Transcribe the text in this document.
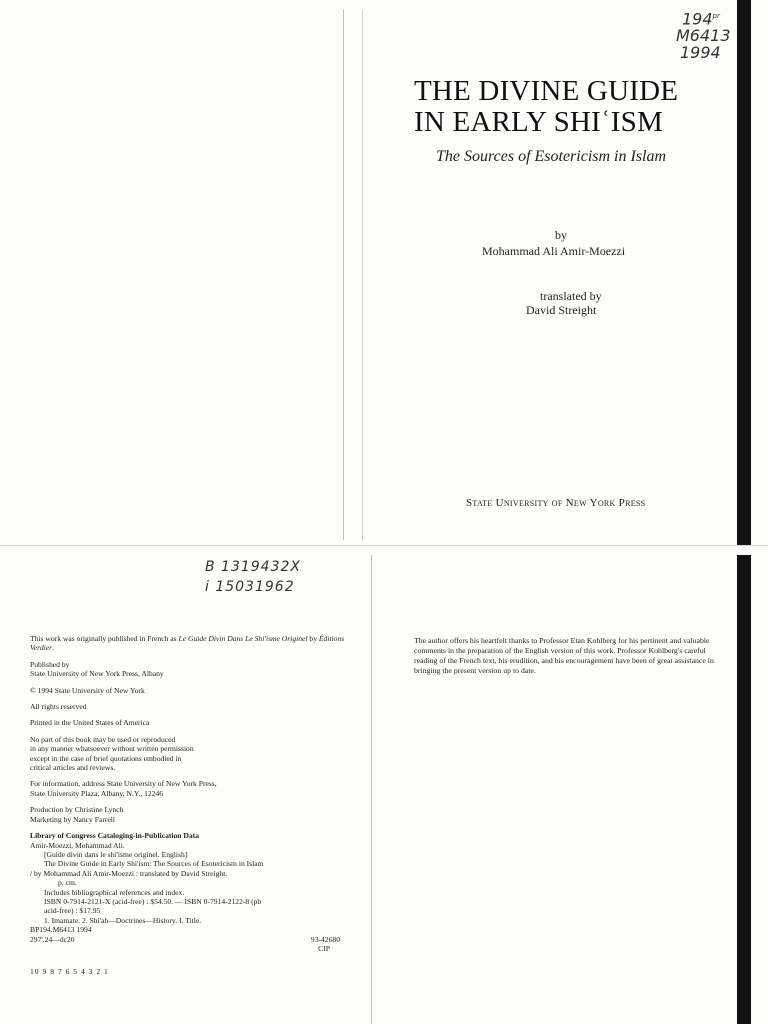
$194^{pr}$
M6413
1994
THE DIVINE GUIDE
IN EARLY SHIʿISM
The Sources of Esotericism in Islam
by
Mohammad Ali Amir-Moezzi
translated by
David Streight
State University of New York Press
B 1319432X
i 15031962

This work was originally published in French as Le Guide Divin Dans Le Shi'isme Originel by Éditions Verdier.

Published by
State University of New York Press, Albany

© 1994 State University of New York

All rights reserved

Printed in the United States of America

No part of this book may be used or reproduced
in any manner whatsoever without written permission
except in the case of brief quotations embodied in
critical articles and reviews.

For information, address State University of New York Press,
State University Plaza, Albany, N.Y., 12246

Production by Christine Lynch
Marketing by Nancy Farrell

Library of Congress Cataloging-in-Publication Data
Amir-Moezzi, Mohammad Ali.
[Guide divin dans le shi'isme originel. English]
The Divine Guide in Early Shi'ism: The Sources of Esotericism in Islam
/ by Mohammad Ali Amir-Moezzi : translated by David Streight.
p. cm.
Includes bibliographical references and index.
ISBN 0-7914-2121-X (acid-free) : $54.50. — ISBN 0-7914-2122-8 (pb
acid-free) : $17.95
1. Imamate. 2. Shi'ah—Doctrines—History. I. Title.
BP194.M6413 1994
297'.24—dc20	93-42680
CIP
10 9 8 7 6 5 4 3 2 1
The author offers his heartfelt thanks to Professor Etan Kohlberg for his pertinent and valuable comments in the preparation of the English version of this work. Professor Kohlberg's careful reading of the French text, his erudition, and his encouragement have been of great assistance in bringing the present version up to date.
